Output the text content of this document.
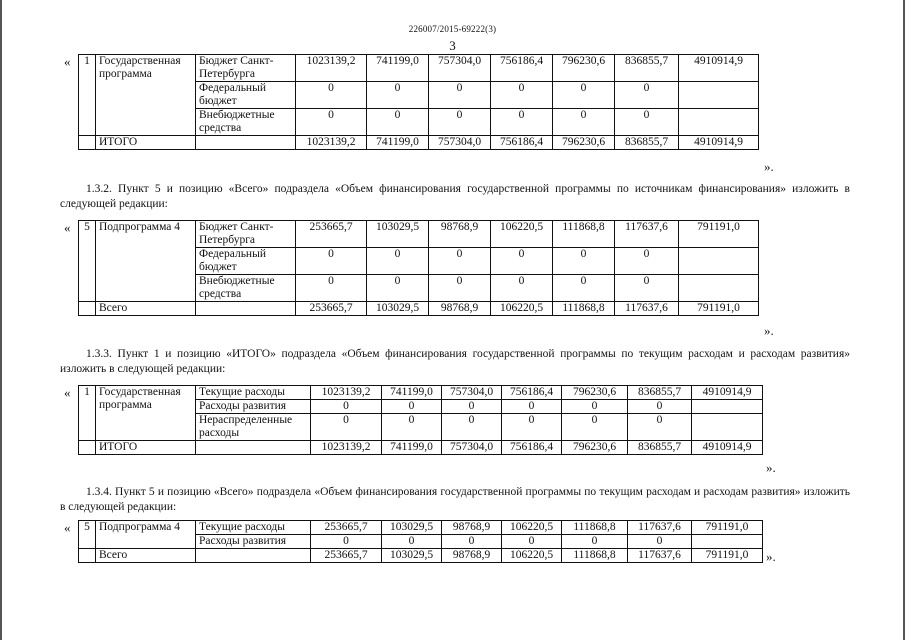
226007/2015-69222(3)
3
« 1	Государственная программа	Бюджет Санкт-Петербурга	1023139,2	741199,0	757304,0	756186,4	796230,6	836855,7	4910914,9
		Федеральный бюджет	0	0	0	0	0	0	
		Внебюджетные средства	0	0	0	0	0	0	
	ИТОГО		1023139,2	741199,0	757304,0	756186,4	796230,6	836855,7	4910914,9
».
1.3.2. Пункт 5 и позицию «Всего» подраздела «Объем финансирования государственной программы по источникам финансирования» изложить в следующей редакции:
« 5	Подпрограмма 4	Бюджет Санкт-Петербурга	253665,7	103029,5	98768,9	106220,5	111868,8	117637,6	791191,0
		Федеральный бюджет	0	0	0	0	0	0	
		Внебюджетные средства	0	0	0	0	0	0	
	Всего		253665,7	103029,5	98768,9	106220,5	111868,8	117637,6	791191,0
».
1.3.3. Пункт 1 и позицию «ИТОГО» подраздела «Объем финансирования государственной программы по текущим расходам и расходам развития» изложить в следующей редакции:
« 1	Государственная программа	Текущие расходы	1023139,2	741199,0	757304,0	756186,4	796230,6	836855,7	4910914,9
		Расходы развития	0	0	0	0	0	0	
		Нераспределенные расходы	0	0	0	0	0	0	
	ИТОГО		1023139,2	741199,0	757304,0	756186,4	796230,6	836855,7	4910914,9
».
1.3.4. Пункт 5 и позицию «Всего» подраздела «Объем финансирования государственной программы по текущим расходам и расходам развития» изложить в следующей редакции:
« 5	Подпрограмма 4	Текущие расходы	253665,7	103029,5	98768,9	106220,5	111868,8	117637,6	791191,0
		Расходы развития	0	0	0	0	0	0	
	Всего		253665,7	103029,5	98768,9	106220,5	111868,8	117637,6	791191,0 ».
